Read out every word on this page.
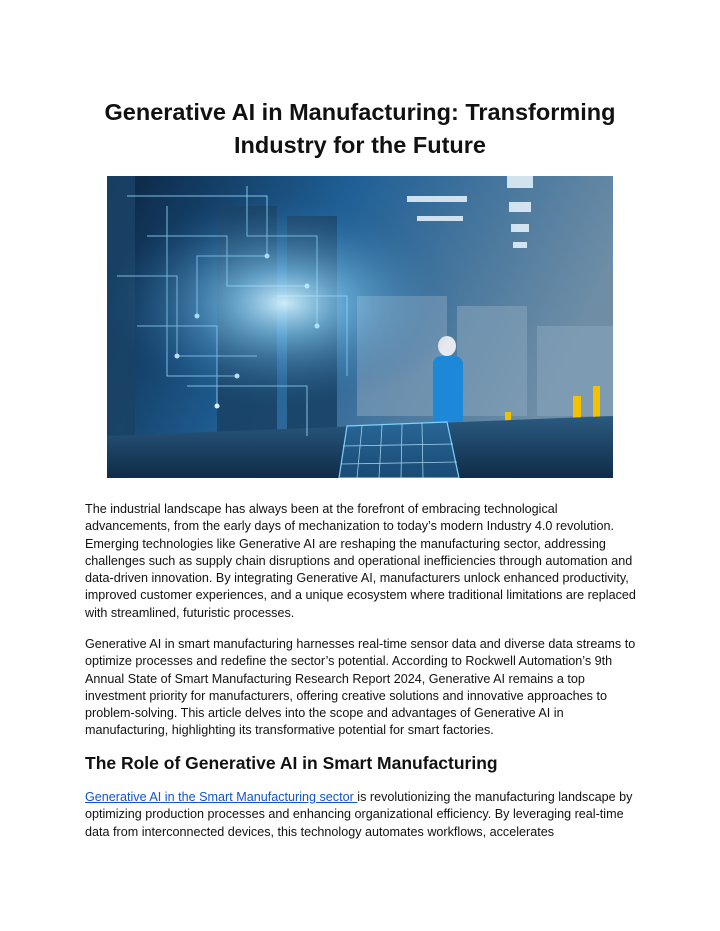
Generative AI in Manufacturing: Transforming Industry for the Future

The industrial landscape has always been at the forefront of embracing technological advancements, from the early days of mechanization to today’s modern Industry 4.0 revolution. Emerging technologies like Generative AI are reshaping the manufacturing sector, addressing challenges such as supply chain disruptions and operational inefficiencies through automation and data-driven innovation. By integrating Generative AI, manufacturers unlock enhanced productivity, improved customer experiences, and a unique ecosystem where traditional limitations are replaced with streamlined, futuristic processes.

Generative AI in smart manufacturing harnesses real-time sensor data and diverse data streams to optimize processes and redefine the sector’s potential. According to Rockwell Automation’s 9th Annual State of Smart Manufacturing Research Report 2024, Generative AI remains a top investment priority for manufacturers, offering creative solutions and innovative approaches to problem-solving. This article delves into the scope and advantages of Generative AI in manufacturing, highlighting its transformative potential for smart factories.

The Role of Generative AI in Smart Manufacturing

Generative AI in the Smart Manufacturing sector is revolutionizing the manufacturing landscape by optimizing production processes and enhancing organizational efficiency. By leveraging real-time data from interconnected devices, this technology automates workflows, accelerates
